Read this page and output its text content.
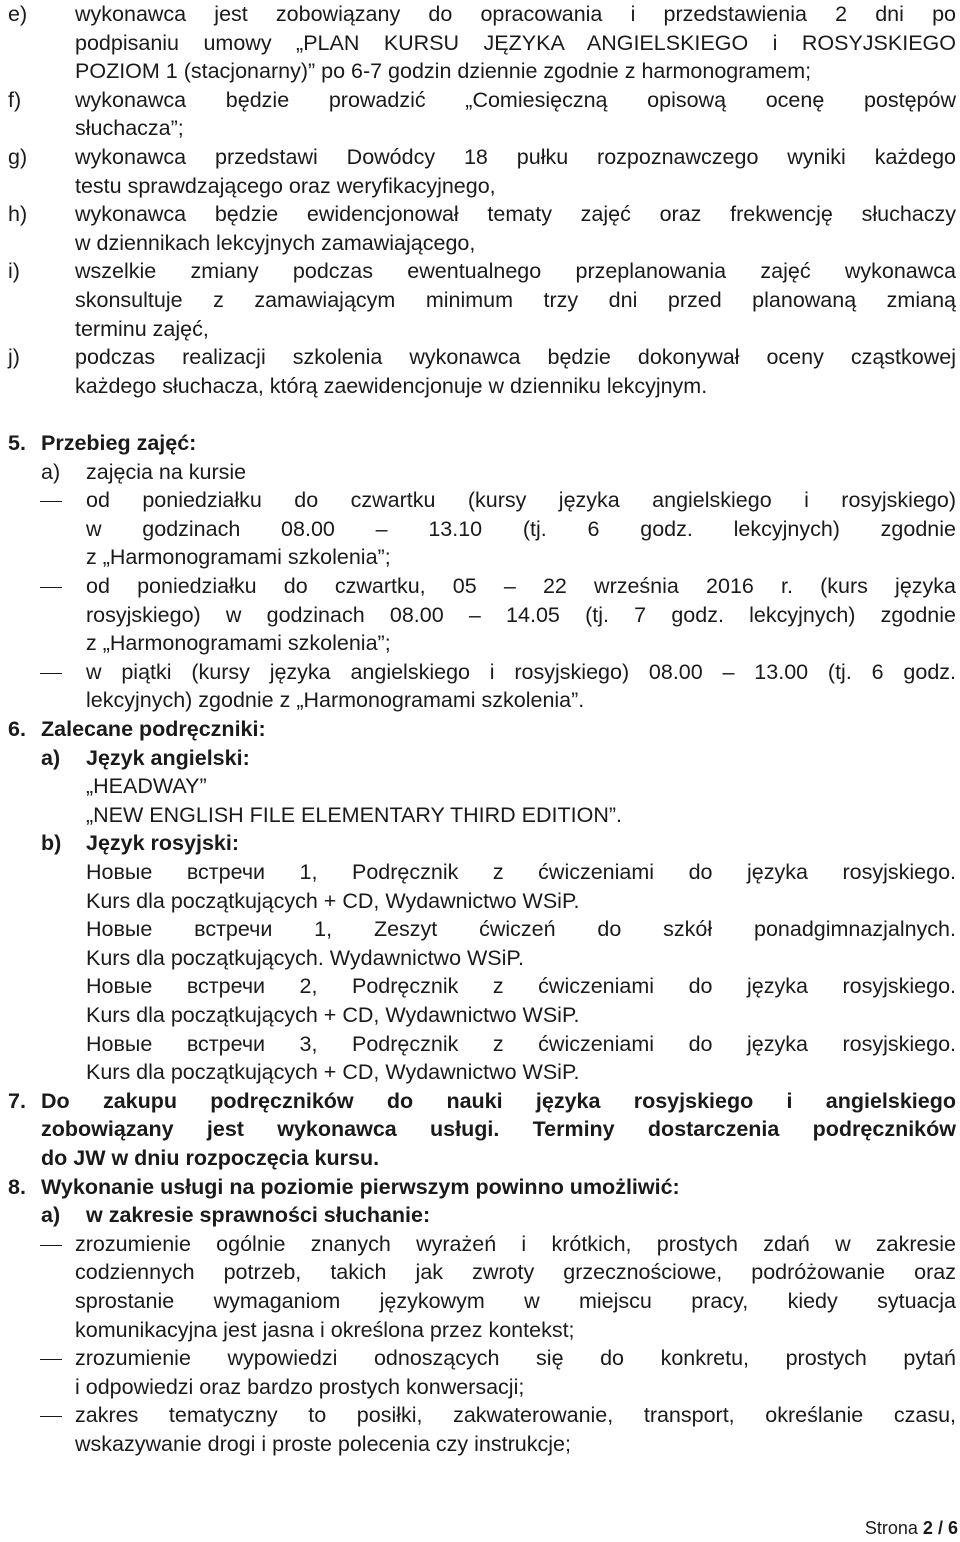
e) wykonawca jest zobowiązany do opracowania i przedstawienia 2 dni po

podpisaniu umowy „PLAN KURSU JĘZYKA ANGIELSKIEGO i ROSYJSKIEGO

POZIOM 1 (stacjonarny)” po 6-7 godzin dziennie zgodnie z harmonogramem;

f)	wykonawca będzie prowadzić „Comiesięczną opisową ocenę postępów

słuchacza”;

g) wykonawca przedstawi Dowódcy 18 pułku rozpoznawczego wyniki każdego

testu sprawdzającego oraz weryfikacyjnego,

h) wykonawca będzie ewidencjonował tematy zajęć oraz frekwencję słuchaczy

w dziennikach lekcyjnych zamawiającego,

i)	wszelkie zmiany podczas ewentualnego przeplanowania zajęć wykonawca

skonsultuje z zamawiającym minimum trzy dni przed planowaną zmianą

terminu zajęć,

j)	podczas realizacji szkolenia wykonawca będzie dokonywał oceny cząstkowej

każdego słuchacza, którą zaewidencjonuje w dzienniku lekcyjnym.

5. Przebieg zajęć:
a) zajęcia na kursie

od poniedziałku do czwartku (kursy języka angielskiego i rosyjskiego)

w godzinach 08.00 – 13.10 (tj. 6 godz. lekcyjnych) zgodnie

z „Harmonogramami szkolenia”;

od poniedziałku do czwartku, 05 – 22 września 2016 r. (kurs języka

rosyjskiego) w godzinach 08.00 – 14.05 (tj. 7 godz. lekcyjnych) zgodnie

z „Harmonogramami szkolenia”;

w piątki (kursy języka angielskiego i rosyjskiego) 08.00 – 13.00 (tj. 6 godz.

lekcyjnych) zgodnie z „Harmonogramami szkolenia”.

6. Zalecane podręczniki:
a) Język angielski:

„HEADWAY”

„NEW ENGLISH FILE ELEMENTARY THIRD EDITION”.

b) Język rosyjski:

Новые встречи 1, Podręcznik z ćwiczeniami do języka rosyjskiego.

Kurs dla początkujących + CD, Wydawnictwo WSiP.

Новые встречи 1, Zeszyt ćwiczeń do szkół ponadgimnazjalnych.

Kurs dla początkujących. Wydawnictwo WSiP.

Новые встречи 2, Podręcznik z ćwiczeniami do języka rosyjskiego.

Kurs dla początkujących + CD, Wydawnictwo WSiP.

Новые встречи 3, Podręcznik z ćwiczeniami do języka rosyjskiego.

Kurs dla początkujących + CD, Wydawnictwo WSiP.

7. Do zakupu podręczników do nauki języka rosyjskiego i angielskiego

zobowiązany jest wykonawca usługi. Terminy dostarczenia podręczników

do JW w dniu rozpoczęcia kursu.

8. Wykonanie usługi na poziomie pierwszym powinno umożliwić:
a) w zakresie sprawności słuchanie:

zrozumienie ogólnie znanych wyrażeń i krótkich, prostych zdań w zakresie

codziennych potrzeb, takich jak zwroty grzecznościowe, podróżowanie oraz

sprostanie wymaganiom językowym w miejscu pracy, kiedy sytuacja

komunikacyjna jest jasna i określona przez kontekst;

zrozumienie wypowiedzi odnoszących się do konkretu, prostych pytań

i odpowiedzi oraz bardzo prostych konwersacji;

zakres tematyczny to posiłki, zakwaterowanie, transport, określanie czasu,

wskazywanie drogi i proste polecenia czy instrukcje;

Strona 2 / 6
